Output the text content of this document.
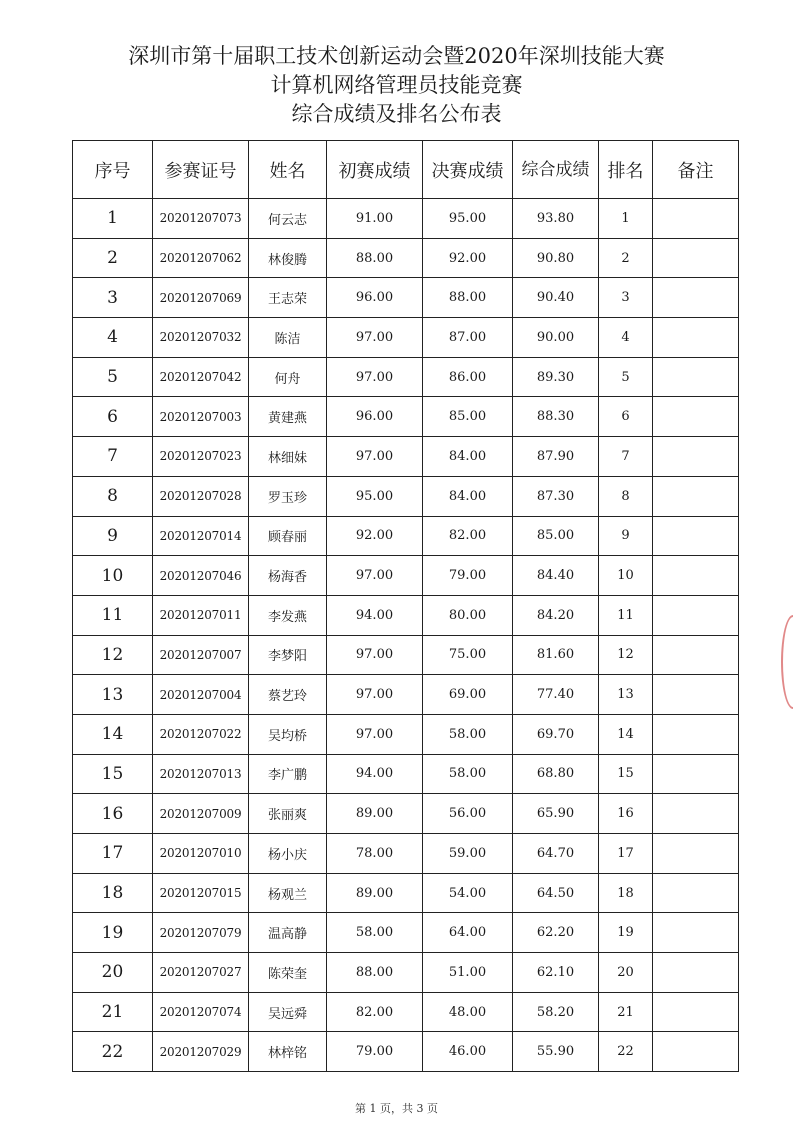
深圳市第十届职工技术创新运动会暨2020年深圳技能大赛
计算机网络管理员技能竞赛
综合成绩及排名公布表
序号	参赛证号	姓名	初赛成绩	决赛成绩	综合成绩	排名	备注
1	20201207073	何云志	91.00	95.00	93.80	1	
2	20201207062	林俊腾	88.00	92.00	90.80	2	
3	20201207069	王志荣	96.00	88.00	90.40	3	
4	20201207032	陈洁	97.00	87.00	90.00	4	
5	20201207042	何舟	97.00	86.00	89.30	5	
6	20201207003	黄建燕	96.00	85.00	88.30	6	
7	20201207023	林细妹	97.00	84.00	87.90	7	
8	20201207028	罗玉珍	95.00	84.00	87.30	8	
9	20201207014	顾春丽	92.00	82.00	85.00	9	
10	20201207046	杨海香	97.00	79.00	84.40	10	
11	20201207011	李发燕	94.00	80.00	84.20	11	
12	20201207007	李梦阳	97.00	75.00	81.60	12	
13	20201207004	蔡艺玲	97.00	69.00	77.40	13	
14	20201207022	吴均桥	97.00	58.00	69.70	14	
15	20201207013	李广鹏	94.00	58.00	68.80	15	
16	20201207009	张丽爽	89.00	56.00	65.90	16	
17	20201207010	杨小庆	78.00	59.00	64.70	17	
18	20201207015	杨观兰	89.00	54.00	64.50	18	
19	20201207079	温高静	58.00	64.00	62.20	19	
20	20201207027	陈荣奎	88.00	51.00	62.10	20	
21	20201207074	吴远舜	82.00	48.00	58.20	21	
22	20201207029	林梓铭	79.00	46.00	55.90	22	
第 1 页，共 3 页
